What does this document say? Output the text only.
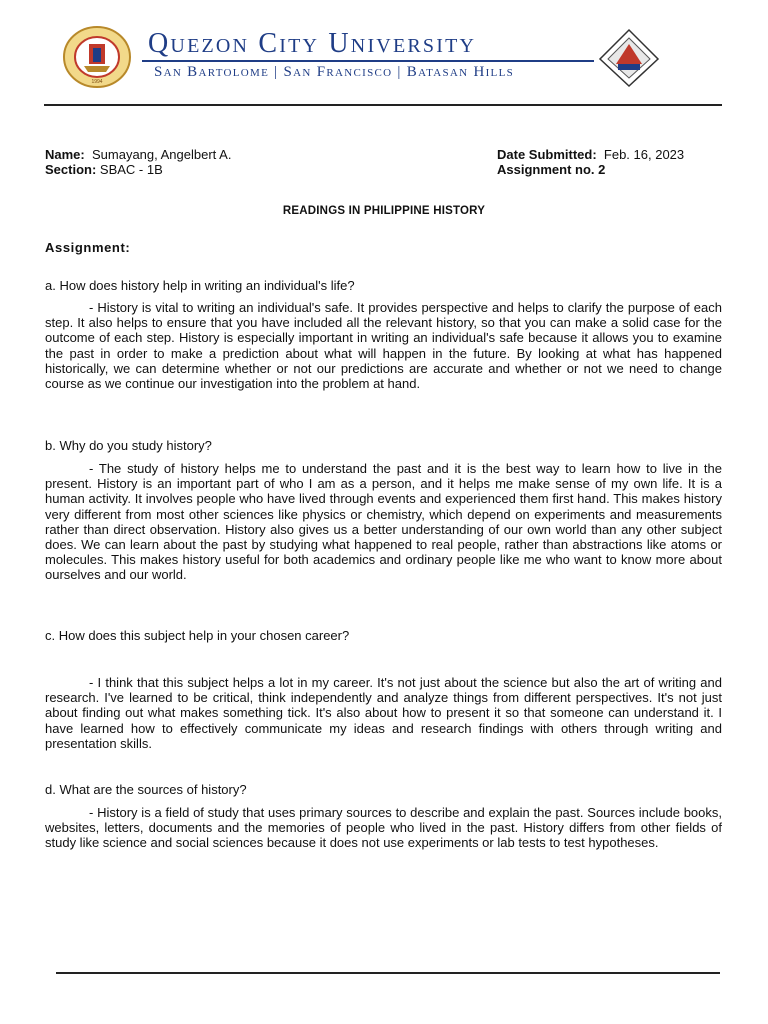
1994
Quezon City University
San Bartolome | San Francisco | Batasan Hills
Name: Sumayang, Angelbert A.
Section: SBAC - 1B
Date Submitted: Feb. 16, 2023
Assignment no. 2
READINGS IN PHILIPPINE HISTORY
Assignment:
a. How does history help in writing an individual's life?
- History is vital to writing an individual's safe. It provides perspective and helps to clarify the purpose of each step. It also helps to ensure that you have included all the relevant history, so that you can make a solid case for the outcome of each step. History is especially important in writing an individual's safe because it allows you to examine the past in order to make a prediction about what will happen in the future. By looking at what has happened historically, we can determine whether or not our predictions are accurate and whether or not we need to change course as we continue our investigation into the problem at hand.
b. Why do you study history?
- The study of history helps me to understand the past and it is the best way to learn how to live in the present. History is an important part of who I am as a person, and it helps me make sense of my own life. It is a human activity. It involves people who have lived through events and experienced them first hand. This makes history very different from most other sciences like physics or chemistry, which depend on experiments and measurements rather than direct observation. History also gives us a better understanding of our own world than any other subject does. We can learn about the past by studying what happened to real people, rather than abstractions like atoms or molecules. This makes history useful for both academics and ordinary people like me who want to know more about ourselves and our world.
c. How does this subject help in your chosen career?
- I think that this subject helps a lot in my career. It's not just about the science but also the art of writing and research. I've learned to be critical, think independently and analyze things from different perspectives. It's not just about finding out what makes something tick. It's also about how to present it so that someone can understand it. I have learned how to effectively communicate my ideas and research findings with others through writing and presentation skills.
d. What are the sources of history?
- History is a field of study that uses primary sources to describe and explain the past. Sources include books, websites, letters, documents and the memories of people who lived in the past. History differs from other fields of study like science and social sciences because it does not use experiments or lab tests to test hypotheses.
